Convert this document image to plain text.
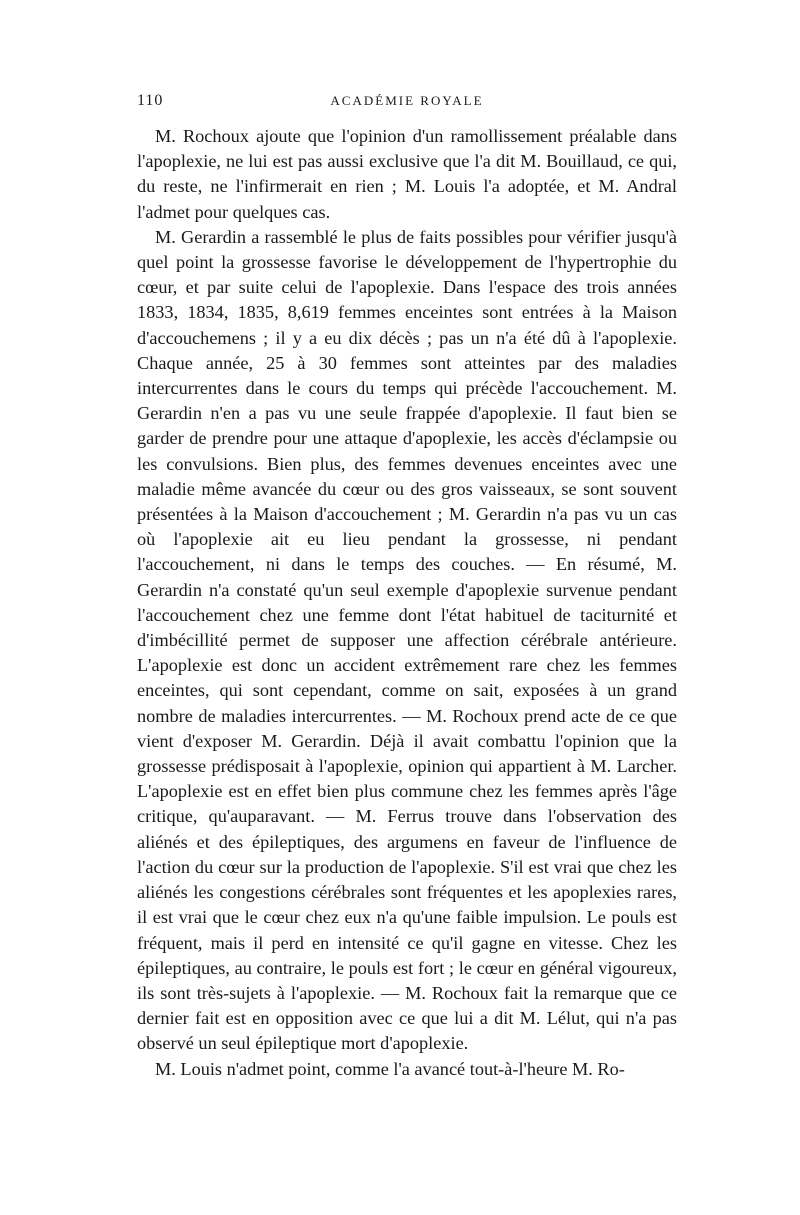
110	ACADÉMIE ROYALE

M. Rochoux ajoute que l'opinion d'un ramollissement préalable dans l'apoplexie, ne lui est pas aussi exclusive que l'a dit M. Bouillaud, ce qui, du reste, ne l'infirmerait en rien ; M. Louis l'a adoptée, et M. Andral l'admet pour quelques cas.

M. Gerardin a rassemblé le plus de faits possibles pour vérifier jusqu'à quel point la grossesse favorise le développement de l'hypertrophie du cœur, et par suite celui de l'apoplexie. Dans l'espace des trois années 1833, 1834, 1835, 8,619 femmes enceintes sont entrées à la Maison d'accouchemens ; il y a eu dix décès ; pas un n'a été dû à l'apoplexie. Chaque année, 25 à 30 femmes sont atteintes par des maladies intercurrentes dans le cours du temps qui précède l'accouchement. M. Gerardin n'en a pas vu une seule frappée d'apoplexie. Il faut bien se garder de prendre pour une attaque d'apoplexie, les accès d'éclampsie ou les convulsions. Bien plus, des femmes devenues enceintes avec une maladie même avancée du cœur ou des gros vaisseaux, se sont souvent présentées à la Maison d'accouchement ; M. Gerardin n'a pas vu un cas où l'apoplexie ait eu lieu pendant la grossesse, ni pendant l'accouchement, ni dans le temps des couches. — En résumé, M. Gerardin n'a constaté qu'un seul exemple d'apoplexie survenue pendant l'accouchement chez une femme dont l'état habituel de taciturnité et d'imbécillité permet de supposer une affection cérébrale antérieure. L'apoplexie est donc un accident extrêmement rare chez les femmes enceintes, qui sont cependant, comme on sait, exposées à un grand nombre de maladies intercurrentes. — M. Rochoux prend acte de ce que vient d'exposer M. Gerardin. Déjà il avait combattu l'opinion que la grossesse prédisposait à l'apoplexie, opinion qui appartient à M. Larcher. L'apoplexie est en effet bien plus commune chez les femmes après l'âge critique, qu'auparavant. — M. Ferrus trouve dans l'observation des aliénés et des épileptiques, des argumens en faveur de l'influence de l'action du cœur sur la production de l'apoplexie. S'il est vrai que chez les aliénés les congestions cérébrales sont fréquentes et les apoplexies rares, il est vrai que le cœur chez eux n'a qu'une faible impulsion. Le pouls est fréquent, mais il perd en intensité ce qu'il gagne en vitesse. Chez les épileptiques, au contraire, le pouls est fort ; le cœur en général vigoureux, ils sont très-sujets à l'apoplexie. — M. Rochoux fait la remarque que ce dernier fait est en opposition avec ce que lui a dit M. Lélut, qui n'a pas observé un seul épileptique mort d'apoplexie.

M. Louis n'admet point, comme l'a avancé tout-à-l'heure M. Ro-
